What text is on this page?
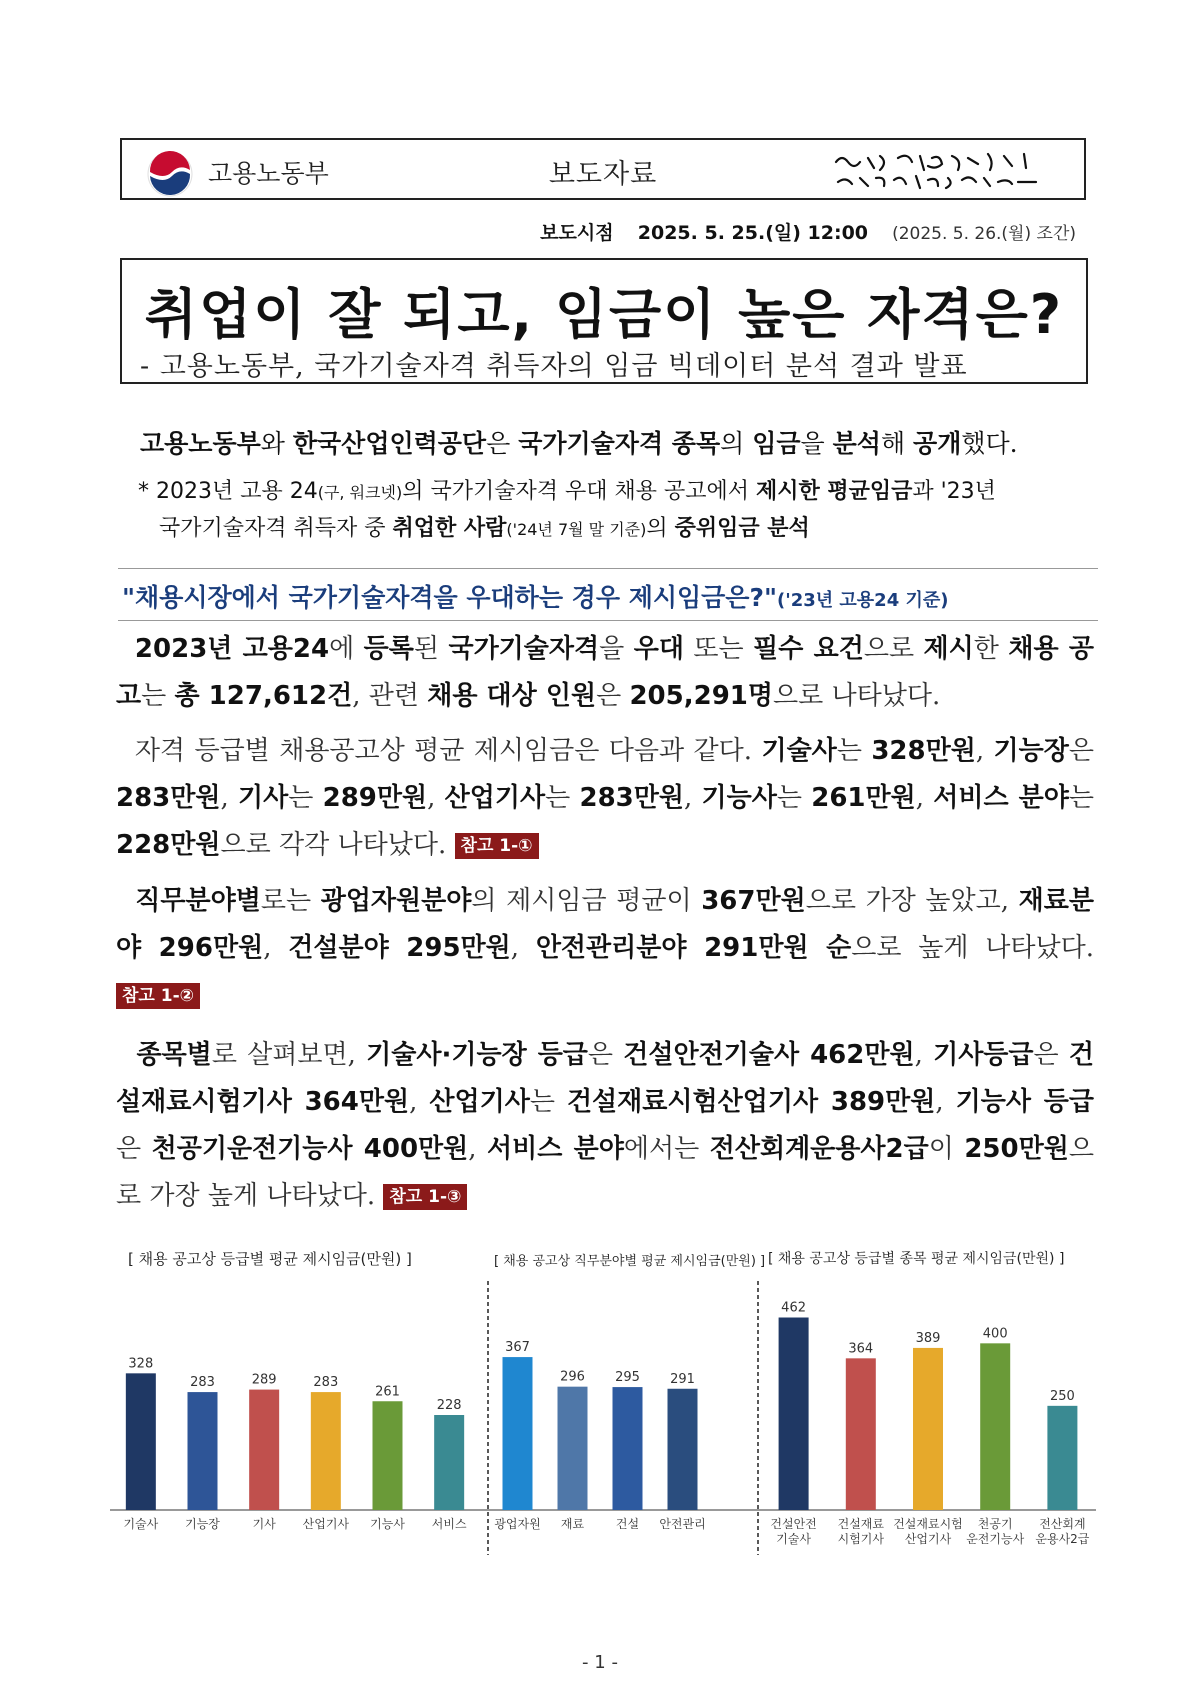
고용노동부	보도자료
보도시점 2025. 5. 25.(일) 12:00 (2025. 5. 26.(월) 조간)
취업이 잘 되고, 임금이 높은 자격은?
- 고용노동부, 국가기술자격 취득자의 임금 빅데이터 분석 결과 발표
고용노동부와 한국산업인력공단은 국가기술자격 종목의 임금을 분석해 공개했다.
* 2023년 고용 24(구, 워크넷)의 국가기술자격 우대 채용 공고에서 제시한 평균임금과 '23년
국가기술자격 취득자 중 취업한 사람('24년 7월 말 기준)의 중위임금 분석
"채용시장에서 국가기술자격을 우대하는 경우 제시임금은?"('23년 고용24 기준)
2023년 고용24에 등록된 국가기술자격을 우대 또는 필수 요건으로 제시한 채용 공고는 총 127,612건, 관련 채용 대상 인원은 205,291명으로 나타났다.
자격 등급별 채용공고상 평균 제시임금은 다음과 같다. 기술사는 328만원, 기능장은 283만원, 기사는 289만원, 산업기사는 283만원, 기능사는 261만원, 서비스 분야는 228만원으로 각각 나타났다. 참고 1-①
직무분야별로는 광업자원분야의 제시임금 평균이 367만원으로 가장 높았고, 재료분야 296만원, 건설분야 295만원, 안전관리분야 291만원 순으로 높게 나타났다. 참고 1-②
종목별로 살펴보면, 기술사·기능장 등급은 건설안전기술사 462만원, 기사등급은 건설재료시험기사 364만원, 산업기사는 건설재료시험산업기사 389만원, 기능사 등급은 천공기운전기능사 400만원, 서비스 분야에서는 전산회계운용사2급이 250만원으로 가장 높게 나타났다. 참고 1-③
[ 채용 공고상 등급별 평균 제시임금(만원) ]	[ 채용 공고상 직무분야별 평균 제시임금(만원) ] [ 채용 공고상 등급별 종목 평균 제시임금(만원) ]
328
기술사
283
기능장
289
기사
283
산업기사
261
기능사
228
서비스
367
광업자원
296
재료
295
건설
291
안전관리
462
건설안전
기술사
364
건설재료
시험기사
389
건설재료시험
산업기사
400
천공기
운전기능사
250
전산회계
운용사2급
- 1 -
